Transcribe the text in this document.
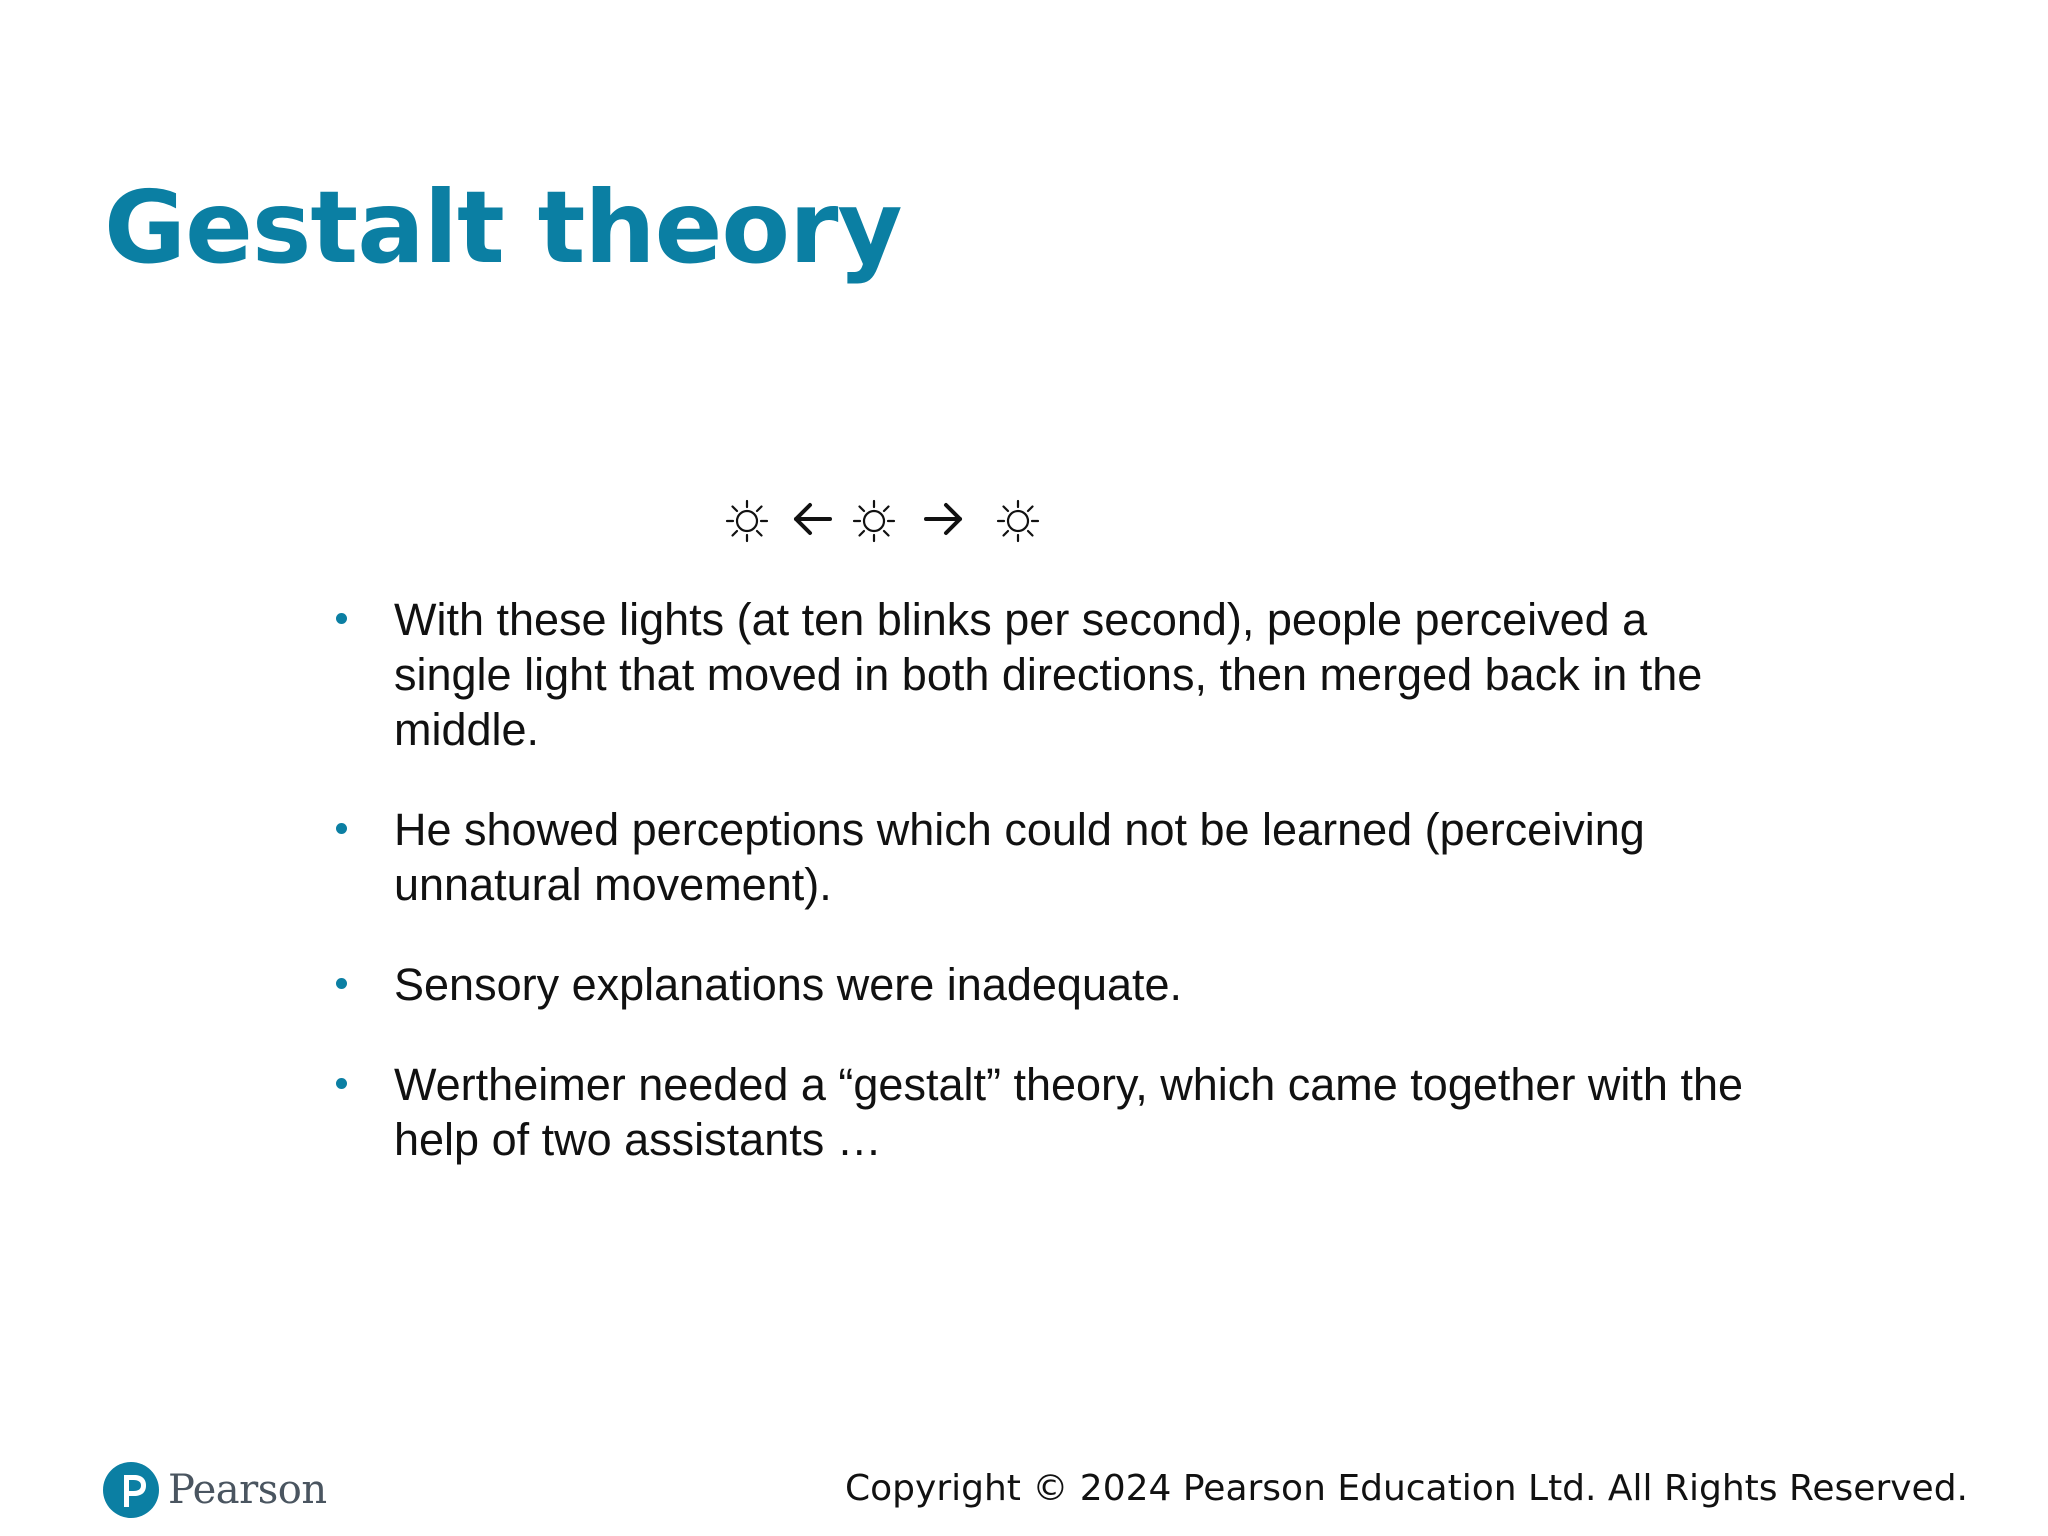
Gestalt theory
With these lights (at ten blinks per second), people perceived a single light that moved in both directions, then merged back in the middle.
He showed perceptions which could not be learned (perceiving unnatural movement).
Sensory explanations were inadequate.
Wertheimer needed a “gestalt” theory, which came together with the help of two assistants …
Pearson	Copyright © 2024 Pearson Education Ltd. All Rights Reserved.
